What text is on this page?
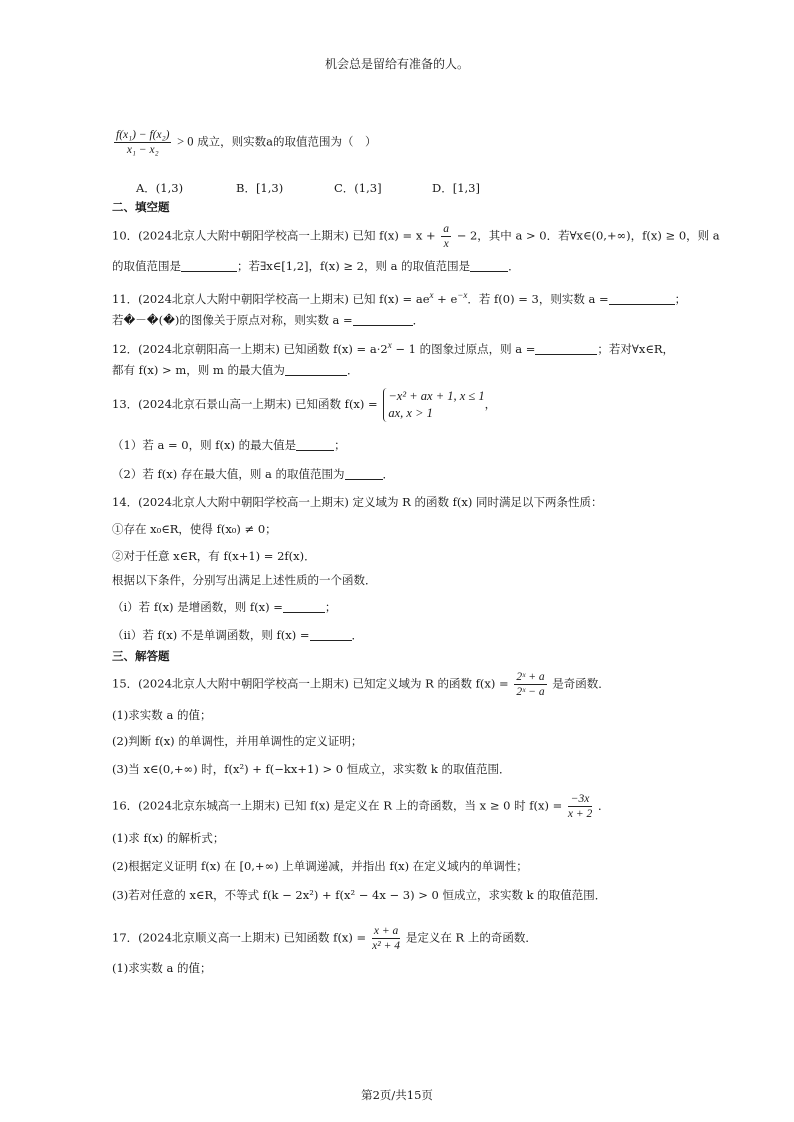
机会总是留给有准备的人。
$\frac{\text{f(x₁) − f(x₂)}}{\text{x₁ − x₂}} > 0$ 成立，则实数a的取值范围为（　）
A．(1,3)	B．[1,3)	C．(1,3]	D．[1,3]
二、填空题
10．(2024北京人大附中朝阳学校高一上期末) 已知 $f(x) = x + \frac{a}{x} - 2$，其中 a > 0．若∀x∈(0,+∞)，f(x) ≥ 0，则 a
的取值范围是	；若∃x∈[1,2]，f(x) ≥ 2，则 a 的取值范围是	．
11．(2024北京人大附中朝阳学校高一上期末) 已知 $f(x) = ae^x + e^{-x}$．若 f(0) = 3，则实数 a =	；
若�－�(�)的图像关于原点对称，则实数 a =	．
12．(2024北京朝阳高一上期末) 已知函数 $f(x) = a\cdot 2^x - 1$ 的图象过原点，则 a =	；若对∀x∈R，
都有 f(x) > m，则 m 的最大值为	．
13．(2024北京石景山高一上期末) 已知函数 f(x) =
−x² + ax + 1, x ≤ 1
ax, x > 1
，
（1）若 a = 0，则 f(x) 的最大值是	；
（2）若 f(x) 存在最大值，则 a 的取值范围为	．
14．(2024北京人大附中朝阳学校高一上期末) 定义域为 R 的函数 f(x) 同时满足以下两条性质：
①存在 x₀∈R，使得 f(x₀) ≠ 0；
②对于任意 x∈R，有 f(x+1) = 2f(x)．
根据以下条件，分别写出满足上述性质的一个函数．
（i）若 f(x) 是增函数，则 f(x) =	；
（ii）若 f(x) 不是单调函数，则 f(x) =	．
三、解答题
15．(2024北京人大附中朝阳学校高一上期末) 已知定义域为 R 的函数 $f(x) = \frac{\text{2ˣ + a}}{\text{2ˣ − a}}$ 是奇函数．
(1)求实数 a 的值；
(2)判断 f(x) 的单调性，并用单调性的定义证明；
(3)当 x∈(0,+∞) 时，f(x²) + f(−kx+1) > 0 恒成立，求实数 k 的取值范围．
16．(2024北京东城高一上期末) 已知 f(x) 是定义在 R 上的奇函数，当 x ≥ 0 时 $f(x) = \frac{-3x}{x + 2}$ ．
(1)求 f(x) 的解析式；
(2)根据定义证明 f(x) 在 [0,+∞) 上单调递减，并指出 f(x) 在定义域内的单调性；
(3)若对任意的 x∈R，不等式 f(k − 2x²) + f(x² − 4x − 3) > 0 恒成立，求实数 k 的取值范围．
17．(2024北京顺义高一上期末) 已知函数 $f(x) = \frac{x + a}{\text{x² + 4}}$ 是定义在 R 上的奇函数．
(1)求实数 a 的值；
第2页/共15页
